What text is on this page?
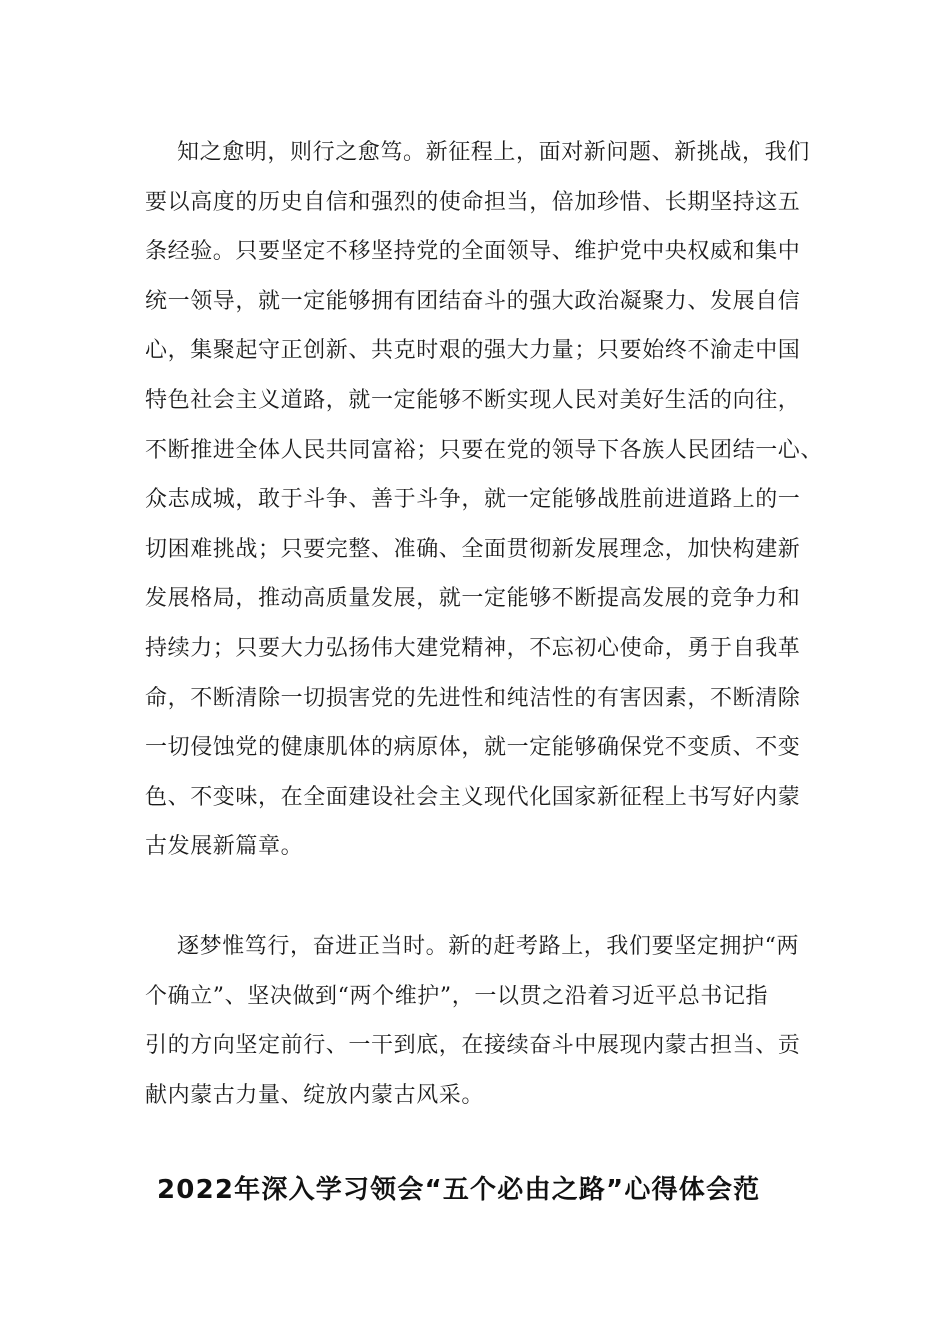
知之愈明，则行之愈笃。新征程上，面对新问题、新挑战，我们
要以高度的历史自信和强烈的使命担当，倍加珍惜、长期坚持这五
条经验。只要坚定不移坚持党的全面领导、维护党中央权威和集中
统一领导，就一定能够拥有团结奋斗的强大政治凝聚力、发展自信
心，集聚起守正创新、共克时艰的强大力量；只要始终不渝走中国
特色社会主义道路，就一定能够不断实现人民对美好生活的向往，
不断推进全体人民共同富裕；只要在党的领导下各族人民团结一心、
众志成城，敢于斗争、善于斗争，就一定能够战胜前进道路上的一
切困难挑战；只要完整、准确、全面贯彻新发展理念，加快构建新
发展格局，推动高质量发展，就一定能够不断提高发展的竞争力和
持续力；只要大力弘扬伟大建党精神，不忘初心使命，勇于自我革
命，不断清除一切损害党的先进性和纯洁性的有害因素，不断清除
一切侵蚀党的健康肌体的病原体，就一定能够确保党不变质、不变
色、不变味，在全面建设社会主义现代化国家新征程上书写好内蒙
古发展新篇章。
逐梦惟笃行，奋进正当时。新的赶考路上，我们要坚定拥护“两
个确立”、坚决做到“两个维护”，一以贯之沿着习近平总书记指
引的方向坚定前行、一干到底，在接续奋斗中展现内蒙古担当、贡
献内蒙古力量、绽放内蒙古风采。
2022年深入学习领会“五个必由之路”心得体会范
